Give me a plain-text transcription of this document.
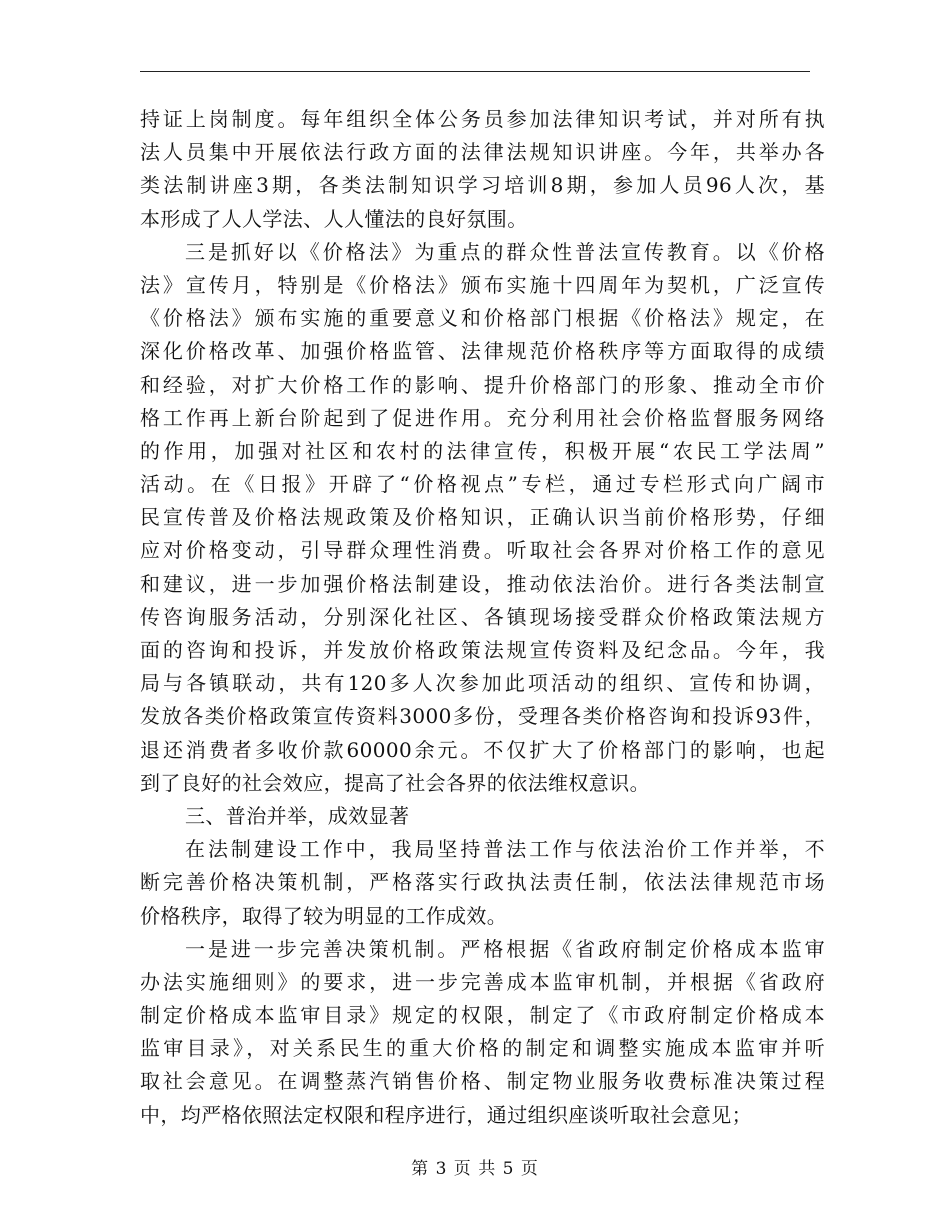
持证上岗制度。每年组织全体公务员参加法律知识考试，并对所有执
法人员集中开展依法行政方面的法律法规知识讲座。今年，共举办各
类法制讲座3期，各类法制知识学习培训8期，参加人员96人次，基
本形成了人人学法、人人懂法的良好氛围。
三是抓好以《价格法》为重点的群众性普法宣传教育。以《价格
法》宣传月，特别是《价格法》颁布实施十四周年为契机，广泛宣传
《价格法》颁布实施的重要意义和价格部门根据《价格法》规定，在
深化价格改革、加强价格监管、法律规范价格秩序等方面取得的成绩
和经验，对扩大价格工作的影响、提升价格部门的形象、推动全市价
格工作再上新台阶起到了促进作用。充分利用社会价格监督服务网络
的作用，加强对社区和农村的法律宣传，积极开展“农民工学法周”
活动。在《日报》开辟了“价格视点”专栏，通过专栏形式向广阔市
民宣传普及价格法规政策及价格知识，正确认识当前价格形势，仔细
应对价格变动，引导群众理性消费。听取社会各界对价格工作的意见
和建议，进一步加强价格法制建设，推动依法治价。进行各类法制宣
传咨询服务活动，分别深化社区、各镇现场接受群众价格政策法规方
面的咨询和投诉，并发放价格政策法规宣传资料及纪念品。今年，我
局与各镇联动，共有120多人次参加此项活动的组织、宣传和协调，
发放各类价格政策宣传资料3000多份，受理各类价格咨询和投诉93件，
退还消费者多收价款60000余元。不仅扩大了价格部门的影响，也起
到了良好的社会效应，提高了社会各界的依法维权意识。
三、普治并举，成效显著
在法制建设工作中，我局坚持普法工作与依法治价工作并举，不
断完善价格决策机制，严格落实行政执法责任制，依法法律规范市场
价格秩序，取得了较为明显的工作成效。
一是进一步完善决策机制。严格根据《省政府制定价格成本监审
办法实施细则》的要求，进一步完善成本监审机制，并根据《省政府
制定价格成本监审目录》规定的权限，制定了《市政府制定价格成本
监审目录》，对关系民生的重大价格的制定和调整实施成本监审并听
取社会意见。在调整蒸汽销售价格、制定物业服务收费标准决策过程
中，均严格依照法定权限和程序进行，通过组织座谈听取社会意见；
第 3 页 共 5 页
